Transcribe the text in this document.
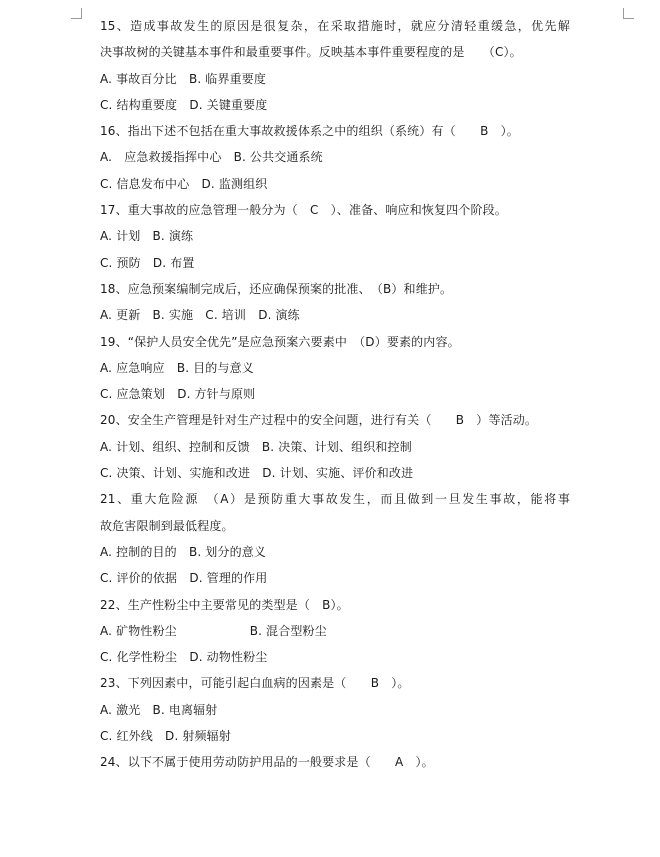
15、造成事故发生的原因是很复杂，在采取措施时，就应分清轻重缓急，优先解
决事故树的关键基本事件和最重要事件。反映基本事件重要程度的是　　（C）。
A. 事故百分比　B. 临界重要度
C. 结构重要度　D. 关键重要度
16、指出下述不包括在重大事故救援体系之中的组织（系统）有（　　B　）。
A.　应急救援指挥中心　B. 公共交通系统
C. 信息发布中心　D. 监测组织
17、重大事故的应急管理一般分为（　C　）、准备、响应和恢复四个阶段。
A. 计划　B. 演练
C. 预防　D. 布置
18、应急预案编制完成后，还应确保预案的批准、　（B）和维护。
A. 更新　B. 实施　C. 培训　D. 演练
19、“保护人员安全优先”是应急预案六要素中　（D）要素的内容。
A. 应急响应　B. 目的与意义
C. 应急策划　D. 方针与原则
20、安全生产管理是针对生产过程中的安全问题，进行有关（　　B　）等活动。
A. 计划、组织、控制和反馈　B. 决策、计划、组织和控制
C. 决策、计划、实施和改进　D. 计划、实施、评价和改进
21、重大危险源　（A）是预防重大事故发生，而且做到一旦发生事故，能将事
故危害限制到最低程度。
A. 控制的目的　B. 划分的意义
C. 评价的依据　D. 管理的作用
22、生产性粉尘中主要常见的类型是（　B）。
A. 矿物性粉尘　　　　　　B. 混合型粉尘
C. 化学性粉尘　D. 动物性粉尘
23、下列因素中，可能引起白血病的因素是（　　B　）。
A. 激光　B. 电离辐射
C. 红外线　D. 射频辐射
24、以下不属于使用劳动防护用品的一般要求是（　　A　）。
